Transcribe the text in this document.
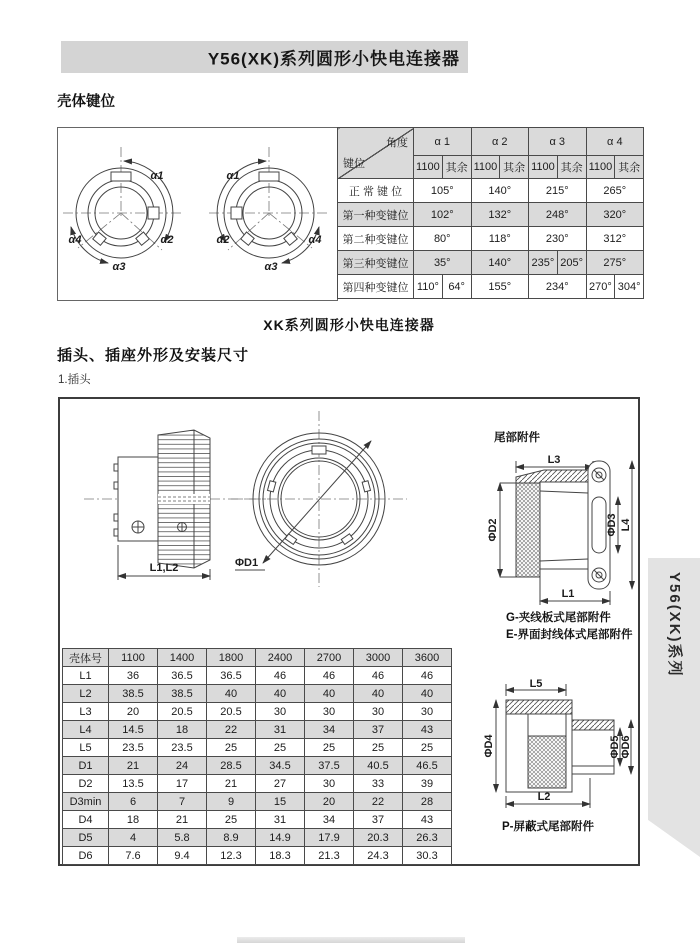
Y56(XK)系列圆形小快电连接器
壳体键位
α1
α2
α3
α4
α1
α2
α3
α4
角度
键位	α 1		α 2		α 3		α 4	
	1100	其余	1100	其余	1100	其余	1100	其余
正 常 键 位	105°		140°		215°		265°	
第一种变键位	102°		132°		248°		320°	
第二种变键位	80°		118°		230°		312°	
第三种变键位	35°		140°		235°	205°	275°	
第四种变键位	110°	64°	155°		234°		270°	304°
XK系列圆形小快电连接器
插头、插座外形及安装尺寸
1.插头
L1,L2	ΦD1
尾部附件
L3
ΦD2	ΦD3 L4
L1
G-夹线板式尾部附件
E-界面封线体式尾部附件
L5
ΦD4	ΦD5 ΦD6
L2
P-屏蔽式尾部附件
壳体号	1100	1400	1800	2400	2700	3000	3600
L1	36	36.5	36.5	46	46	46	46
L2	38.5	38.5	40	40	40	40	40
L3	20	20.5	20.5	30	30	30	30
L4	14.5	18	22	31	34	37	43
L5	23.5	23.5	25	25	25	25	25
D1	21	24	28.5	34.5	37.5	40.5	46.5
D2	13.5	17	21	27	30	33	39
D3min	6	7	9	15	20	22	28
D4	18	21	25	31	34	37	43
D5	4	5.8	8.9	14.9	17.9	20.3	26.3
D6	7.6	9.4	12.3	18.3	21.3	24.3	30.3
Y56(XK)系列
